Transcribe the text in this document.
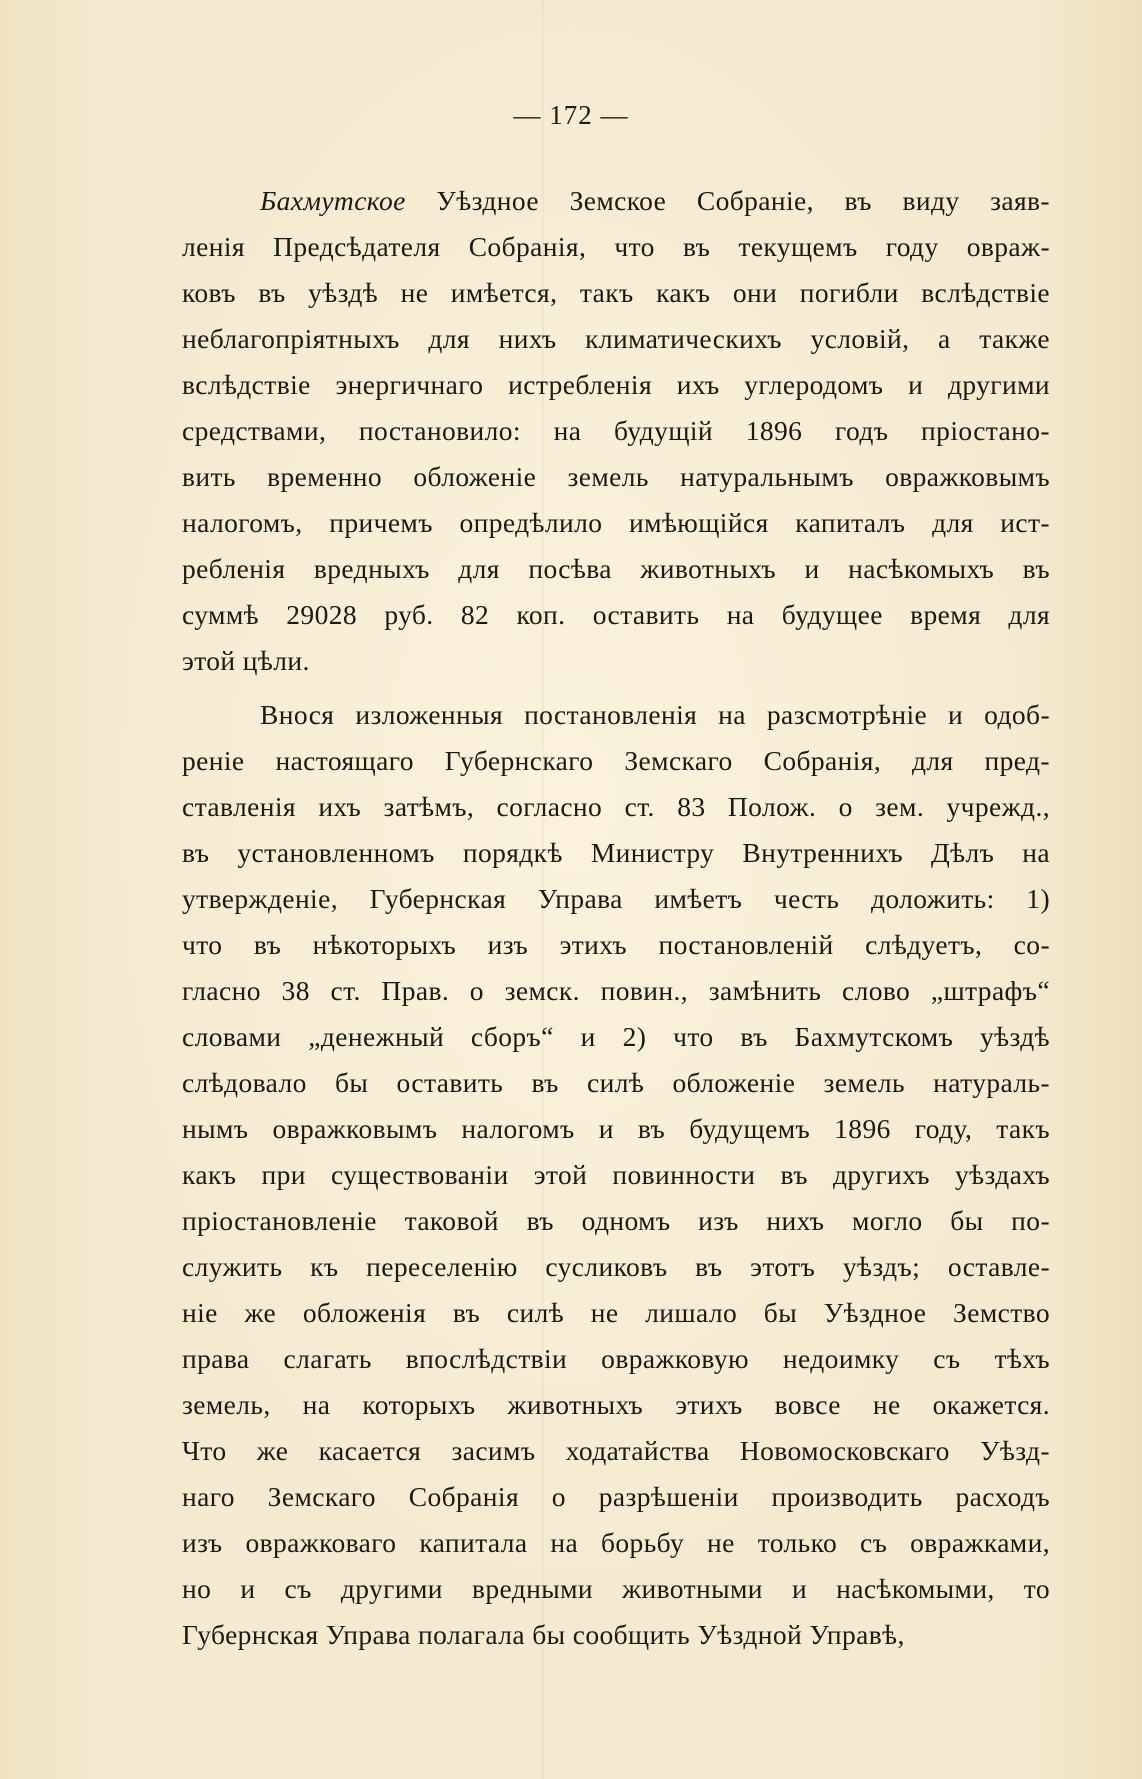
— 172 —
Бахмутское Уѣздное Земское Собраніе, въ виду заяв-
ленія Предсѣдателя Собранія, что въ текущемъ году овраж-
ковъ въ уѣздѣ не имѣется, такъ какъ они погибли вслѣдствіе
неблагопріятныхъ для нихъ климатическихъ условій, а также
вслѣдствіе энергичнаго истребленія ихъ углеродомъ и другими
средствами, постановило: на будущій 1896 годъ пріостано-
вить временно обложеніе земель натуральнымъ овражковымъ
налогомъ, причемъ опредѣлило имѣющійся капиталъ для ист-
ребленія вредныхъ для посѣва животныхъ и насѣкомыхъ въ
суммѣ 29028 руб. 82 коп. оставить на будущее время для
этой цѣли.
Внося изложенныя постановленія на разсмотрѣніе и одоб-
реніе настоящаго Губернскаго Земскаго Собранія, для пред-
ставленія ихъ затѣмъ, согласно ст. 83 Полож. о зем. учрежд.,
въ установленномъ порядкѣ Министру Внутреннихъ Дѣлъ на
утвержденіе, Губернская Управа имѣетъ честь доложить: 1)
что въ нѣкоторыхъ изъ этихъ постановленій слѣдуетъ, со-
гласно 38 ст. Прав. о земск. повин., замѣнить слово „штрафъ“
словами „денежный сборъ“ и 2) что въ Бахмутскомъ уѣздѣ
слѣдовало бы оставить въ силѣ обложеніе земель натураль-
нымъ овражковымъ налогомъ и въ будущемъ 1896 году, такъ
какъ при существованіи этой повинности въ другихъ уѣздахъ
пріостановленіе таковой въ одномъ изъ нихъ могло бы по-
служить къ переселенію сусликовъ въ этотъ уѣздъ; оставле-
ніе же обложенія въ силѣ не лишало бы Уѣздное Земство
права слагать впослѣдствіи овражковую недоимку съ тѣхъ
земель, на которыхъ животныхъ этихъ вовсе не окажется.
Что же касается засимъ ходатайства Новомосковскаго Уѣзд-
наго Земскаго Собранія о разрѣшеніи производить расходъ
изъ овражковаго капитала на борьбу не только съ овражками,
но и съ другими вредными животными и насѣкомыми, то
Губернская Управа полагала бы сообщить Уѣздной Управѣ,
